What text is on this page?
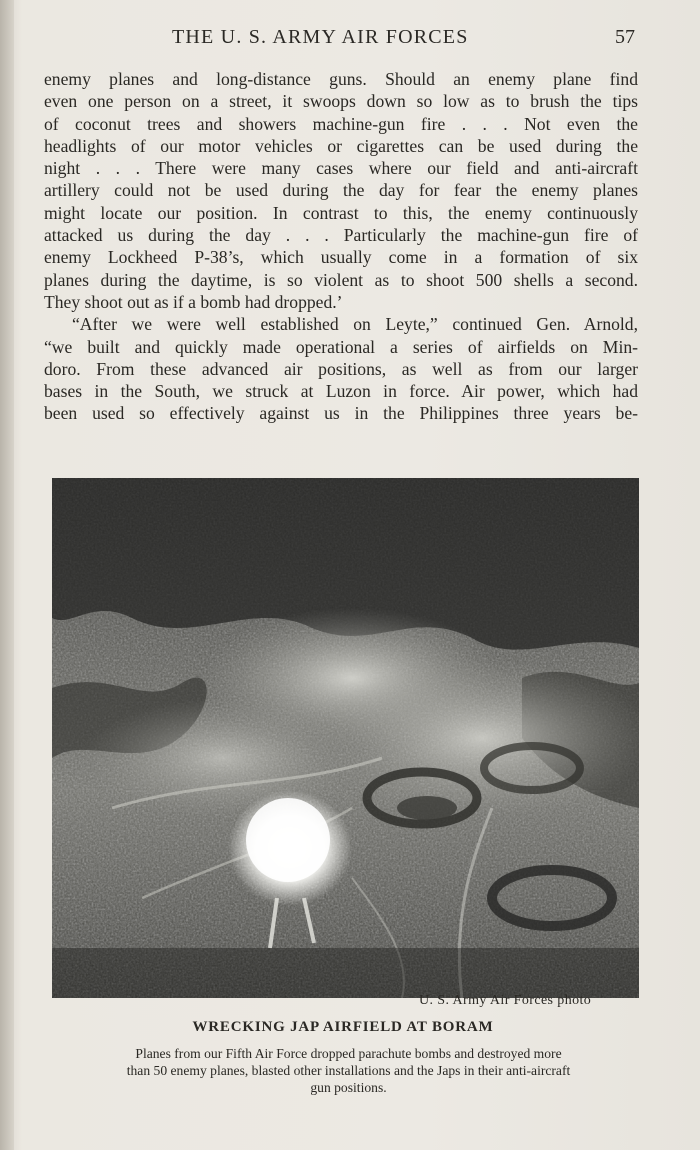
THE U. S. ARMY AIR FORCES	57
enemy planes and long-distance guns. Should an enemy plane find
even one person on a street, it swoops down so low as to brush the tips
of coconut trees and showers machine-gun fire . . . Not even the
headlights of our motor vehicles or cigarettes can be used during the
night . . . There were many cases where our field and anti-aircraft
artillery could not be used during the day for fear the enemy planes
might locate our position. In contrast to this, the enemy continuously
attacked us during the day . . . Particularly the machine-gun fire of
enemy Lockheed P-38’s, which usually come in a formation of six
planes during the daytime, is so violent as to shoot 500 shells a second.
They shoot out as if a bomb had dropped.’
“After we were well established on Leyte,” continued Gen. Arnold,
“we built and quickly made operational a series of airfields on Min-
doro. From these advanced air positions, as well as from our larger
bases in the South, we struck at Luzon in force. Air power, which had
been used so effectively against us in the Philippines three years be-
U. S. Army Air Forces photo
WRECKING JAP AIRFIELD AT BORAM
Planes from our Fifth Air Force dropped parachute bombs and destroyed more
than 50 enemy planes, blasted other installations and the Japs in their anti-aircraft
gun positions.
